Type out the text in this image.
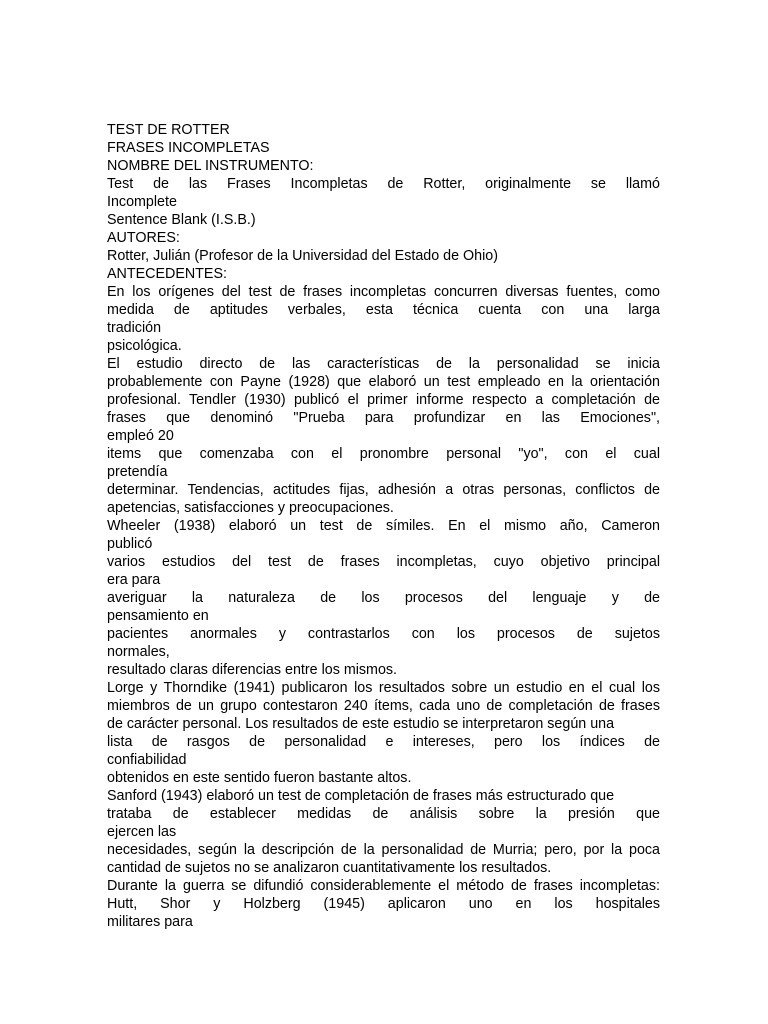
TEST DE ROTTER
FRASES INCOMPLETAS
NOMBRE DEL INSTRUMENTO:
Test de las Frases Incompletas de Rotter, originalmente se llamó
Incomplete
Sentence Blank (I.S.B.)
AUTORES:
Rotter, Julián (Profesor de la Universidad del Estado de Ohio)
ANTECEDENTES:
En los orígenes del test de frases incompletas concurren diversas fuentes, como
medida de aptitudes verbales, esta técnica cuenta con una larga
tradición
psicológica.
El estudio directo de las características de la personalidad se inicia
probablemente con Payne (1928) que elaboró un test empleado en la orientación
profesional. Tendler (1930) publicó el primer informe respecto a completación de
frases que denominó "Prueba para profundizar en las Emociones",
empleó 20
items que comenzaba con el pronombre personal "yo", con el cual
pretendía
determinar. Tendencias, actitudes fijas, adhesión a otras personas, conflictos de
apetencias, satisfacciones y preocupaciones.
Wheeler (1938) elaboró un test de símiles. En el mismo año, Cameron
publicó
varios estudios del test de frases incompletas, cuyo objetivo principal
era para
averiguar la naturaleza de los procesos del lenguaje y de
pensamiento en
pacientes anormales y contrastarlos con los procesos de sujetos
normales,
resultado claras diferencias entre los mismos.
Lorge y Thorndike (1941) publicaron los resultados sobre un estudio en el cual los
miembros de un grupo contestaron 240 ítems, cada uno de completación de frases
de carácter personal. Los resultados de este estudio se interpretaron según una
lista de rasgos de personalidad e intereses, pero los índices de
confiabilidad
obtenidos en este sentido fueron bastante altos.
Sanford (1943) elaboró un test de completación de frases más estructurado que
trataba de establecer medidas de análisis sobre la presión que
ejercen las
necesidades, según la descripción de la personalidad de Murria; pero, por la poca
cantidad de sujetos no se analizaron cuantitativamente los resultados.
Durante la guerra se difundió considerablemente el método de frases incompletas:
Hutt, Shor y Holzberg (1945) aplicaron uno en los hospitales
militares para
